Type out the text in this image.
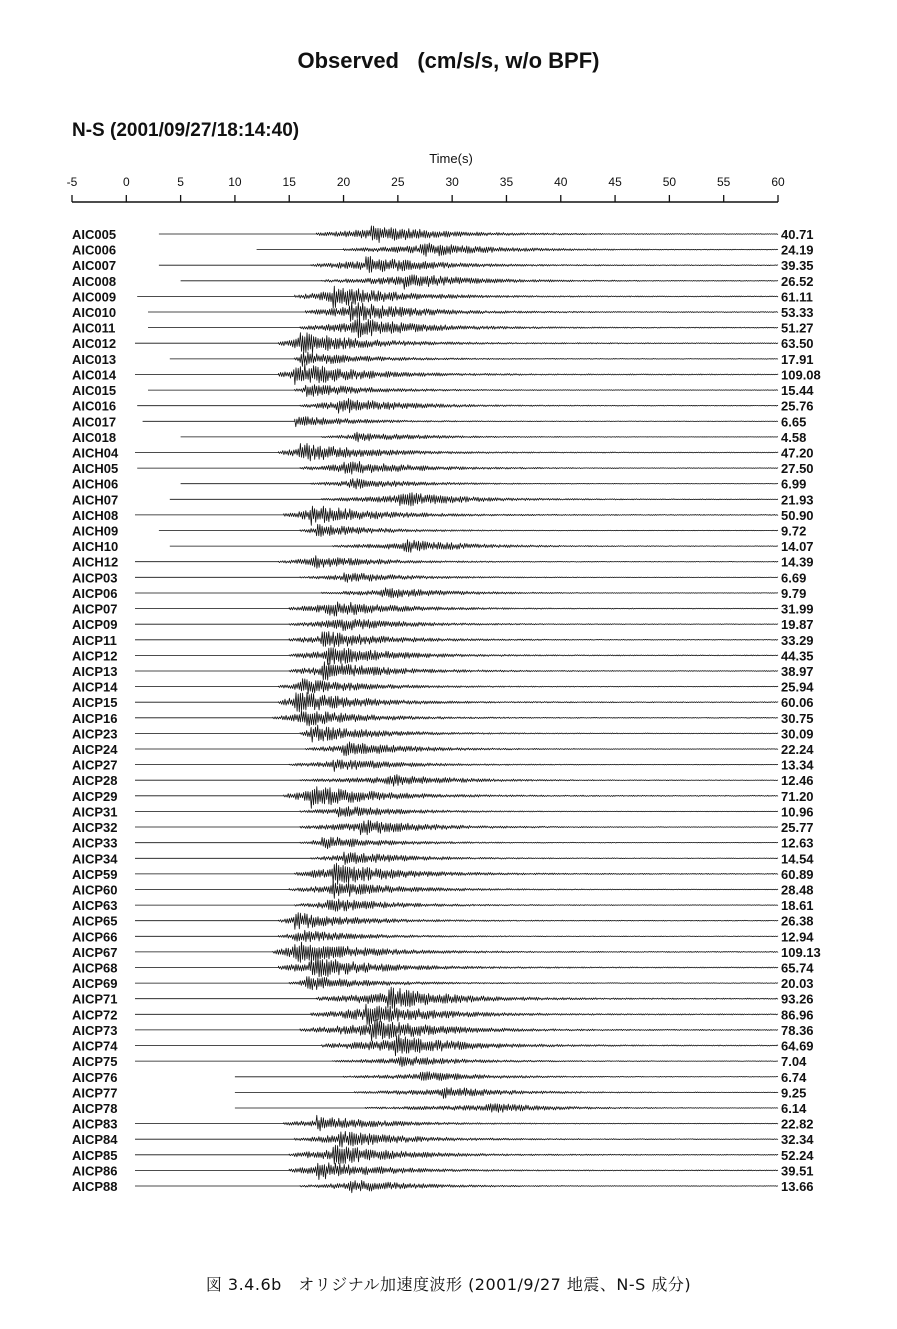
Observed   (cm/s/s, w/o BPF)
N-S (2001/09/27/18:14:40)
Time(s)
-5	0	5	10	15	20	25	30	35	40	45	50	55	60
AIC005	40.71
AIC006	24.19
AIC007	39.35
AIC008	26.52
AIC009	61.11
AIC010	53.33
AIC011	51.27
AIC012	63.50
AIC013	17.91
AIC014	109.08
AIC015	15.44
AIC016	25.76
AIC017	6.65
AIC018	4.58
AICH04	47.20
AICH05	27.50
AICH06	6.99
AICH07	21.93
AICH08	50.90
AICH09	9.72
AICH10	14.07
AICH12	14.39
AICP03	6.69
AICP06	9.79
AICP07	31.99
AICP09	19.87
AICP11	33.29
AICP12	44.35
AICP13	38.97
AICP14	25.94
AICP15	60.06
AICP16	30.75
AICP23	30.09
AICP24	22.24
AICP27	13.34
AICP28	12.46
AICP29	71.20
AICP31	10.96
AICP32	25.77
AICP33	12.63
AICP34	14.54
AICP59	60.89
AICP60	28.48
AICP63	18.61
AICP65	26.38
AICP66	12.94
AICP67	109.13
AICP68	65.74
AICP69	20.03
AICP71	93.26
AICP72	86.96
AICP73	78.36
AICP74	64.69
AICP75	7.04
AICP76	6.74
AICP77	9.25
AICP78	6.14
AICP83	22.82
AICP84	32.34
AICP85	52.24
AICP86	39.51
AICP88	13.66
図 3.4.6b　オリジナル加速度波形 (2001/9/27 地震、N-S 成分)
